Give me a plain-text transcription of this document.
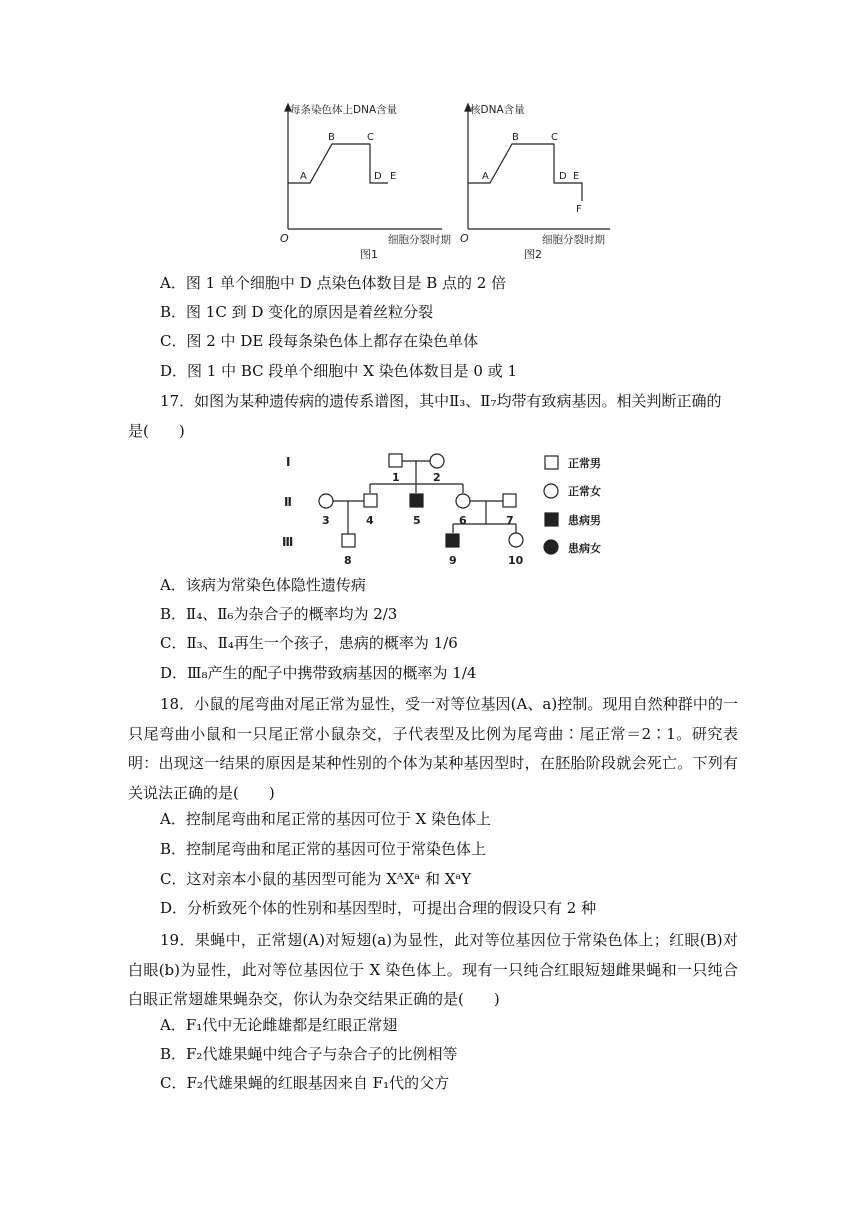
每条染色体上DNA含量
细胞分裂时期
O
图1
A
B	C
D E
核DNA含量
细胞分裂时期
O
图2
A
B	C
D E
F
A．图 1 单个细胞中 D 点染色体数目是 B 点的 2 倍
B．图 1C 到 D 变化的原因是着丝粒分裂
C．图 2 中 DE 段每条染色体上都存在染色单体
D．图 1 中 BC 段单个细胞中 X 染色体数目是 0 或 1
17．如图为某种遗传病的遗传系谱图，其中Ⅱ₃、Ⅱ₇均带有致病基因。相关判断正确的
是(　　)
Ⅰ
Ⅱ
Ⅲ
1	2
3	4	5	6	7
8	9	10
正常男
正常女
患病男
患病女
A．该病为常染色体隐性遗传病
B．Ⅱ₄、Ⅱ₆为杂合子的概率均为 2/3
C．Ⅱ₃、Ⅱ₄再生一个孩子，患病的概率为 1/6
D．Ⅲ₈产生的配子中携带致病基因的概率为 1/4
18．小鼠的尾弯曲对尾正常为显性，受一对等位基因(A、a)控制。现用自然种群中的一只尾弯曲小鼠和一只尾正常小鼠杂交，子代表型及比例为尾弯曲∶尾正常＝2∶1。研究表明：出现这一结果的原因是某种性别的个体为某种基因型时，在胚胎阶段就会死亡。下列有关说法正确的是(　　)
A．控制尾弯曲和尾正常的基因可位于 X 染色体上
B．控制尾弯曲和尾正常的基因可位于常染色体上
C．这对亲本小鼠的基因型可能为 XᴬXᵃ 和 XᵃY
D．分析致死个体的性别和基因型时，可提出合理的假设只有 2 种
19．果蝇中，正常翅(A)对短翅(a)为显性，此对等位基因位于常染色体上；红眼(B)对白眼(b)为显性，此对等位基因位于 X 染色体上。现有一只纯合红眼短翅雌果蝇和一只纯合白眼正常翅雄果蝇杂交，你认为杂交结果正确的是(　　)
A．F₁代中无论雌雄都是红眼正常翅
B．F₂代雄果蝇中纯合子与杂合子的比例相等
C．F₂代雄果蝇的红眼基因来自 F₁代的父方
